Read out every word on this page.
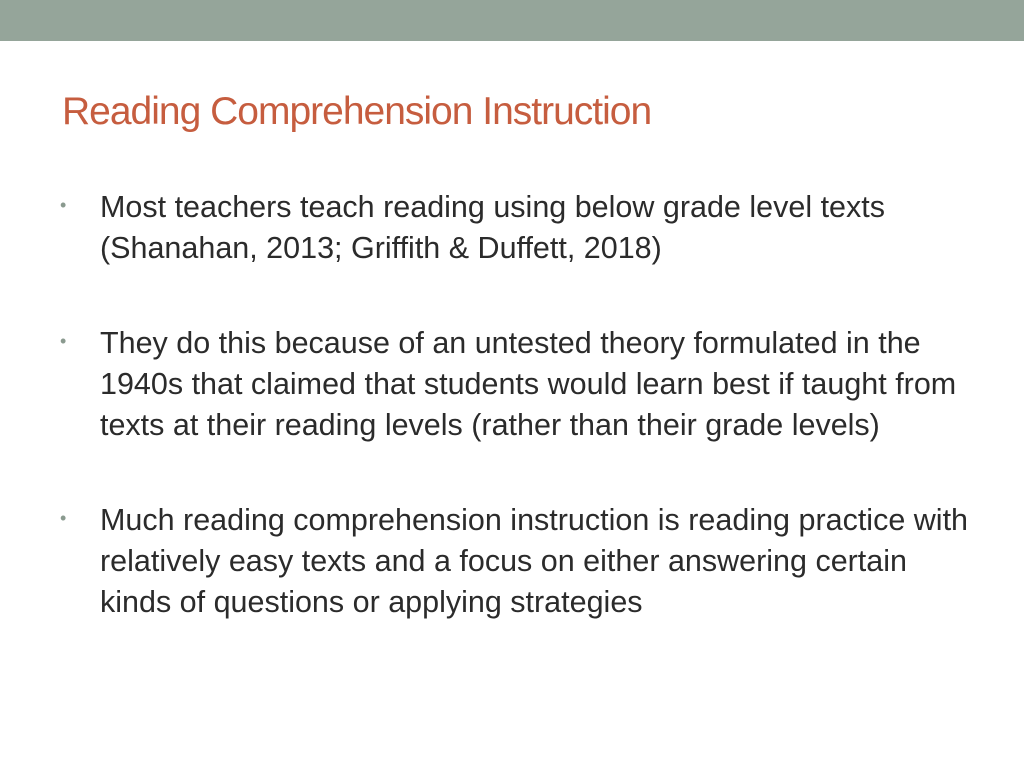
Reading Comprehension Instruction
• Most teachers teach reading using below grade level texts (Shanahan, 2013; Griffith & Duffett, 2018)
• They do this because of an untested theory formulated in the 1940s that claimed that students would learn best if taught from texts at their reading levels (rather than their grade levels)
• Much reading comprehension instruction is reading practice with relatively easy texts and a focus on either answering certain kinds of questions or applying strategies
